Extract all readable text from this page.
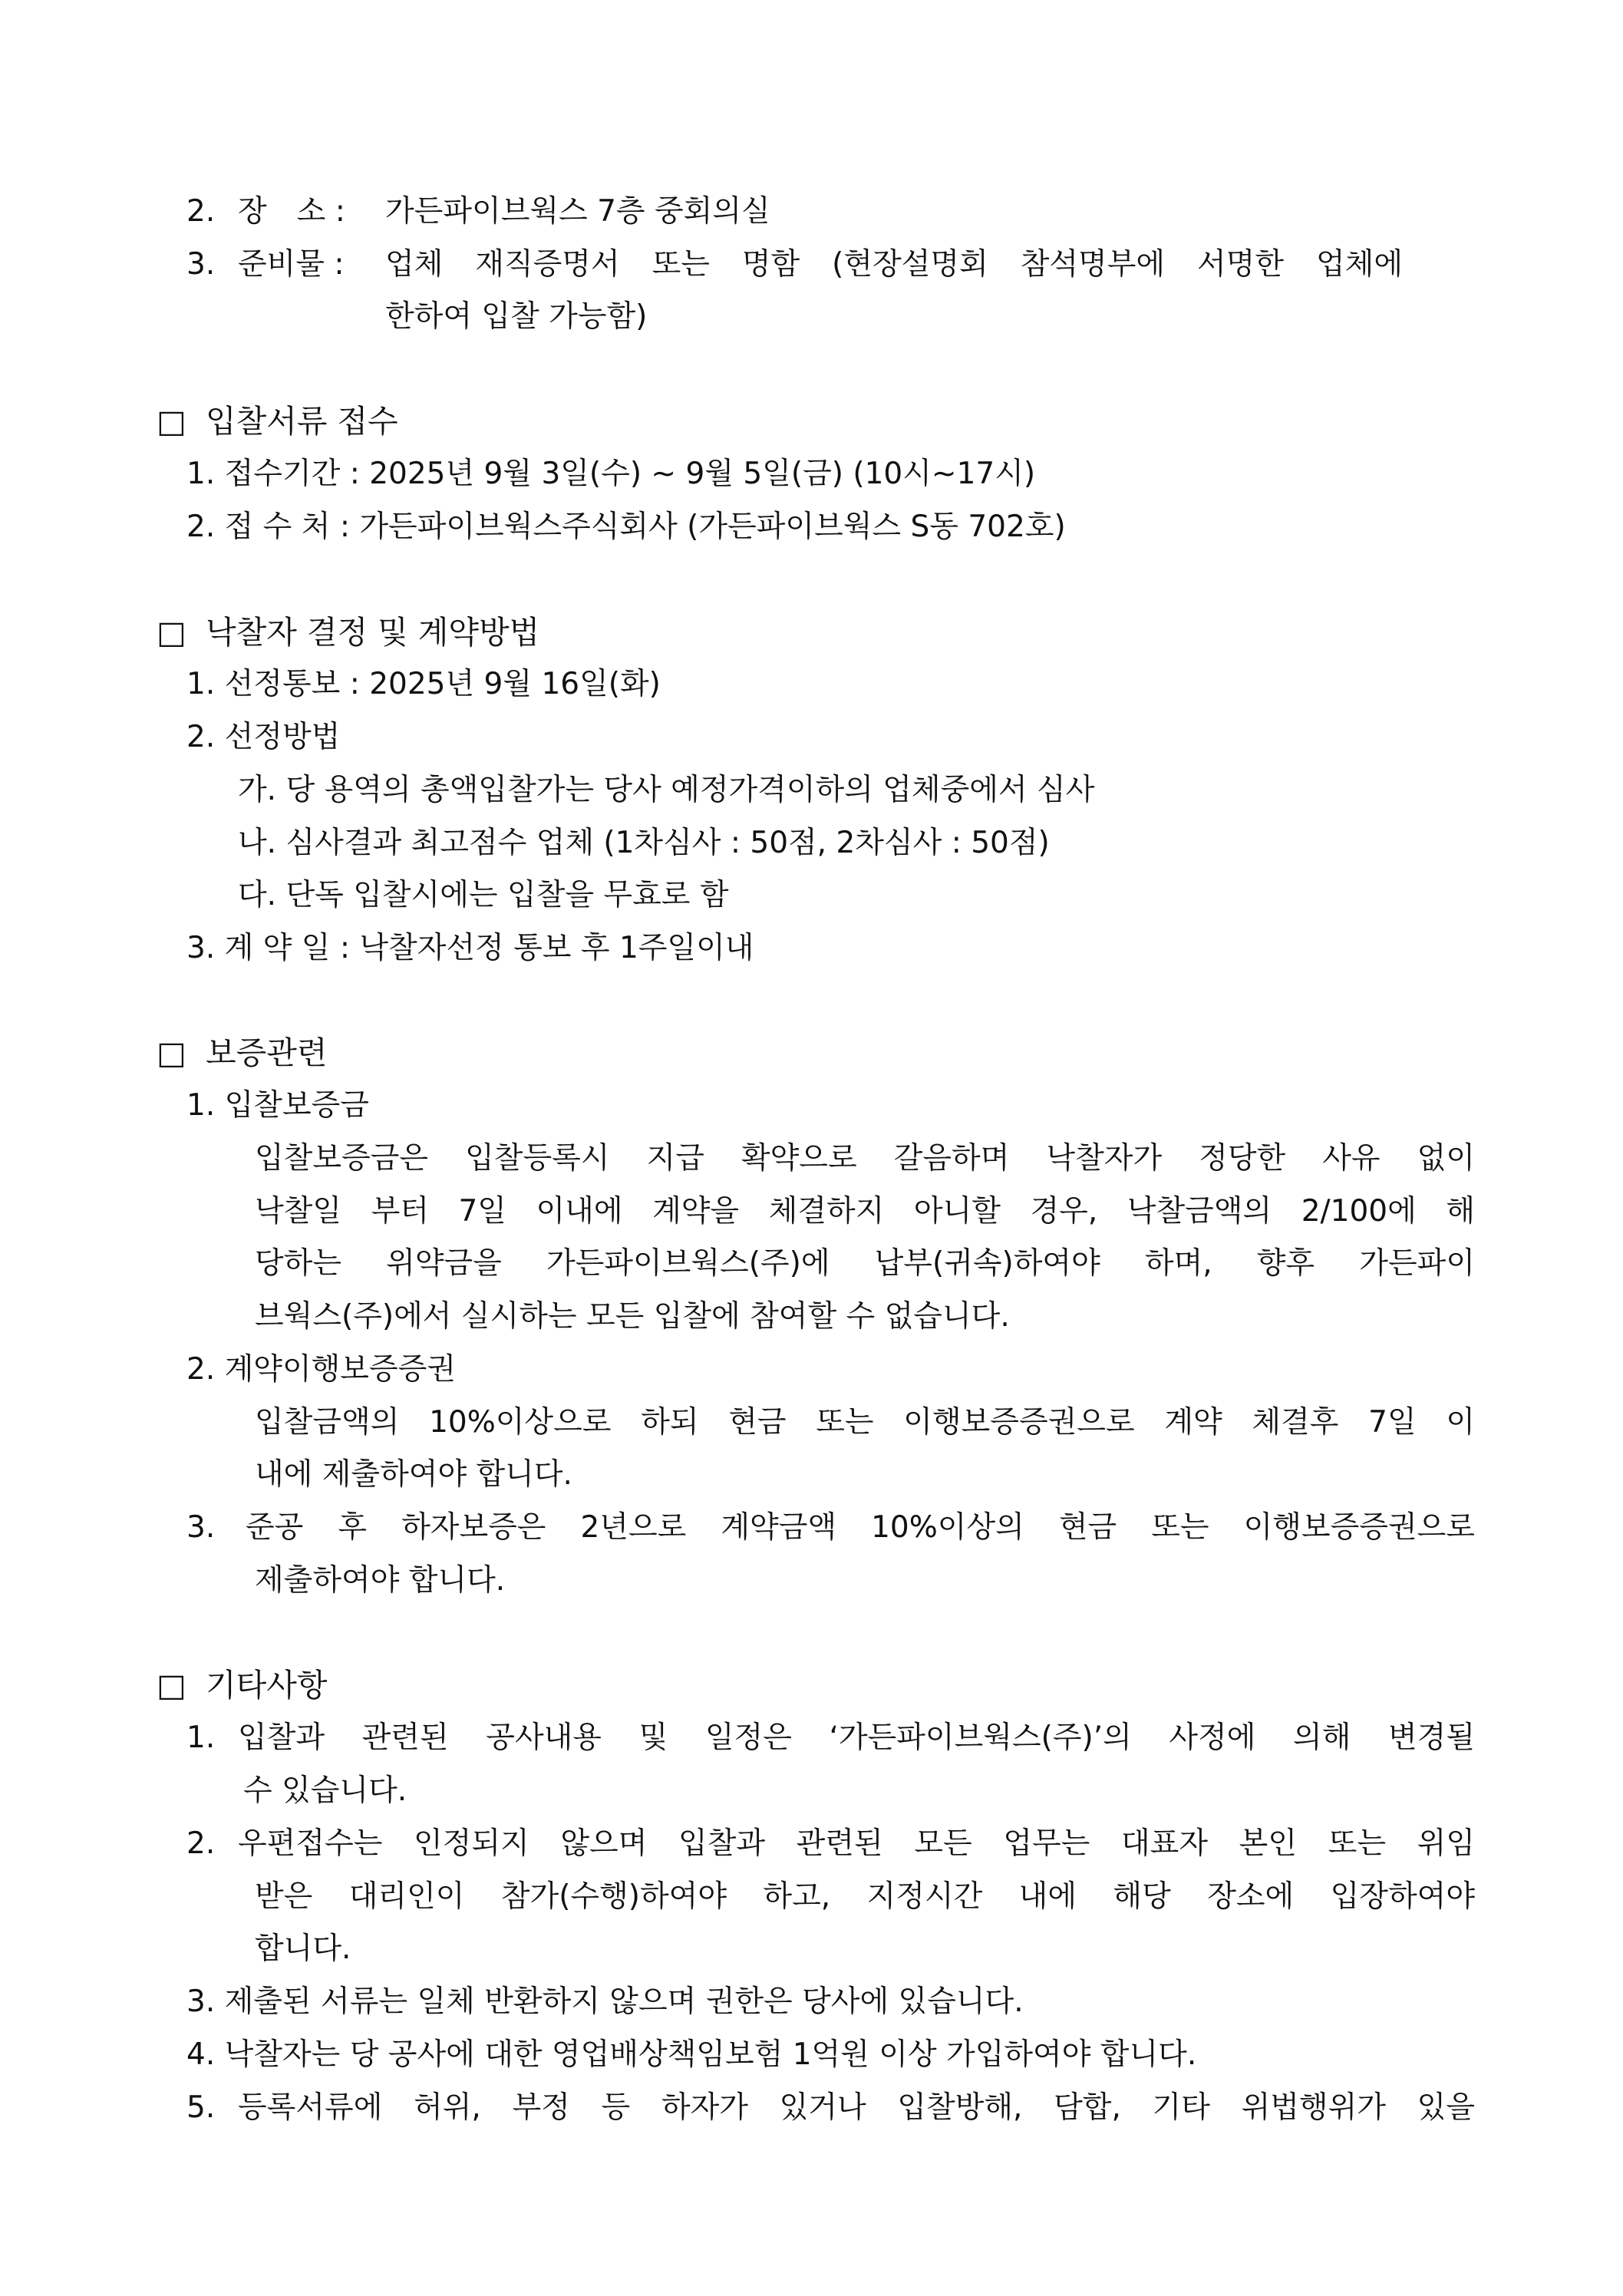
2. 장　소 : 가든파이브웍스 7층 중회의실
3. 준비물 : 업체 재직증명서 또는 명함 (현장설명회 참석명부에 서명한 업체에
한하여 입찰 가능함)
□ 입찰서류 접수
1. 접수기간 : 2025년 9월 3일(수) ~ 9월 5일(금) (10시~17시)
2. 접 수 처 : 가든파이브웍스주식회사 (가든파이브웍스 S동 702호)
□ 낙찰자 결정 및 계약방법
1. 선정통보 : 2025년 9월 16일(화)
2. 선정방법
가. 당 용역의 총액입찰가는 당사 예정가격이하의 업체중에서 심사
나. 심사결과 최고점수 업체 (1차심사 : 50점, 2차심사 : 50점)
다. 단독 입찰시에는 입찰을 무효로 함
3. 계 약 일 : 낙찰자선정 통보 후 1주일이내
□ 보증관련
1. 입찰보증금
입찰보증금은 입찰등록시 지급 확약으로 갈음하며 낙찰자가 정당한 사유 없이
낙찰일 부터 7일 이내에 계약을 체결하지 아니할 경우, 낙찰금액의 2/100에 해
당하는 위약금을 가든파이브웍스(주)에 납부(귀속)하여야 하며, 향후 가든파이
브웍스(주)에서 실시하는 모든 입찰에 참여할 수 없습니다.
2. 계약이행보증증권
입찰금액의 10%이상으로 하되 현금 또는 이행보증증권으로 계약 체결후 7일 이
내에 제출하여야 합니다.
3. 준공 후 하자보증은 2년으로 계약금액 10%이상의 현금 또는 이행보증증권으로
제출하여야 합니다.
□ 기타사항
1. 입찰과 관련된 공사내용 및 일정은 ‘가든파이브웍스(주)’의 사정에 의해 변경될
수 있습니다.
2. 우편접수는 인정되지 않으며 입찰과 관련된 모든 업무는 대표자 본인 또는 위임
받은 대리인이 참가(수행)하여야 하고, 지정시간 내에 해당 장소에 입장하여야
합니다.
3. 제출된 서류는 일체 반환하지 않으며 권한은 당사에 있습니다.
4. 낙찰자는 당 공사에 대한 영업배상책임보험 1억원 이상 가입하여야 합니다.
5. 등록서류에 허위, 부정 등 하자가 있거나 입찰방해, 담합, 기타 위법행위가 있을
